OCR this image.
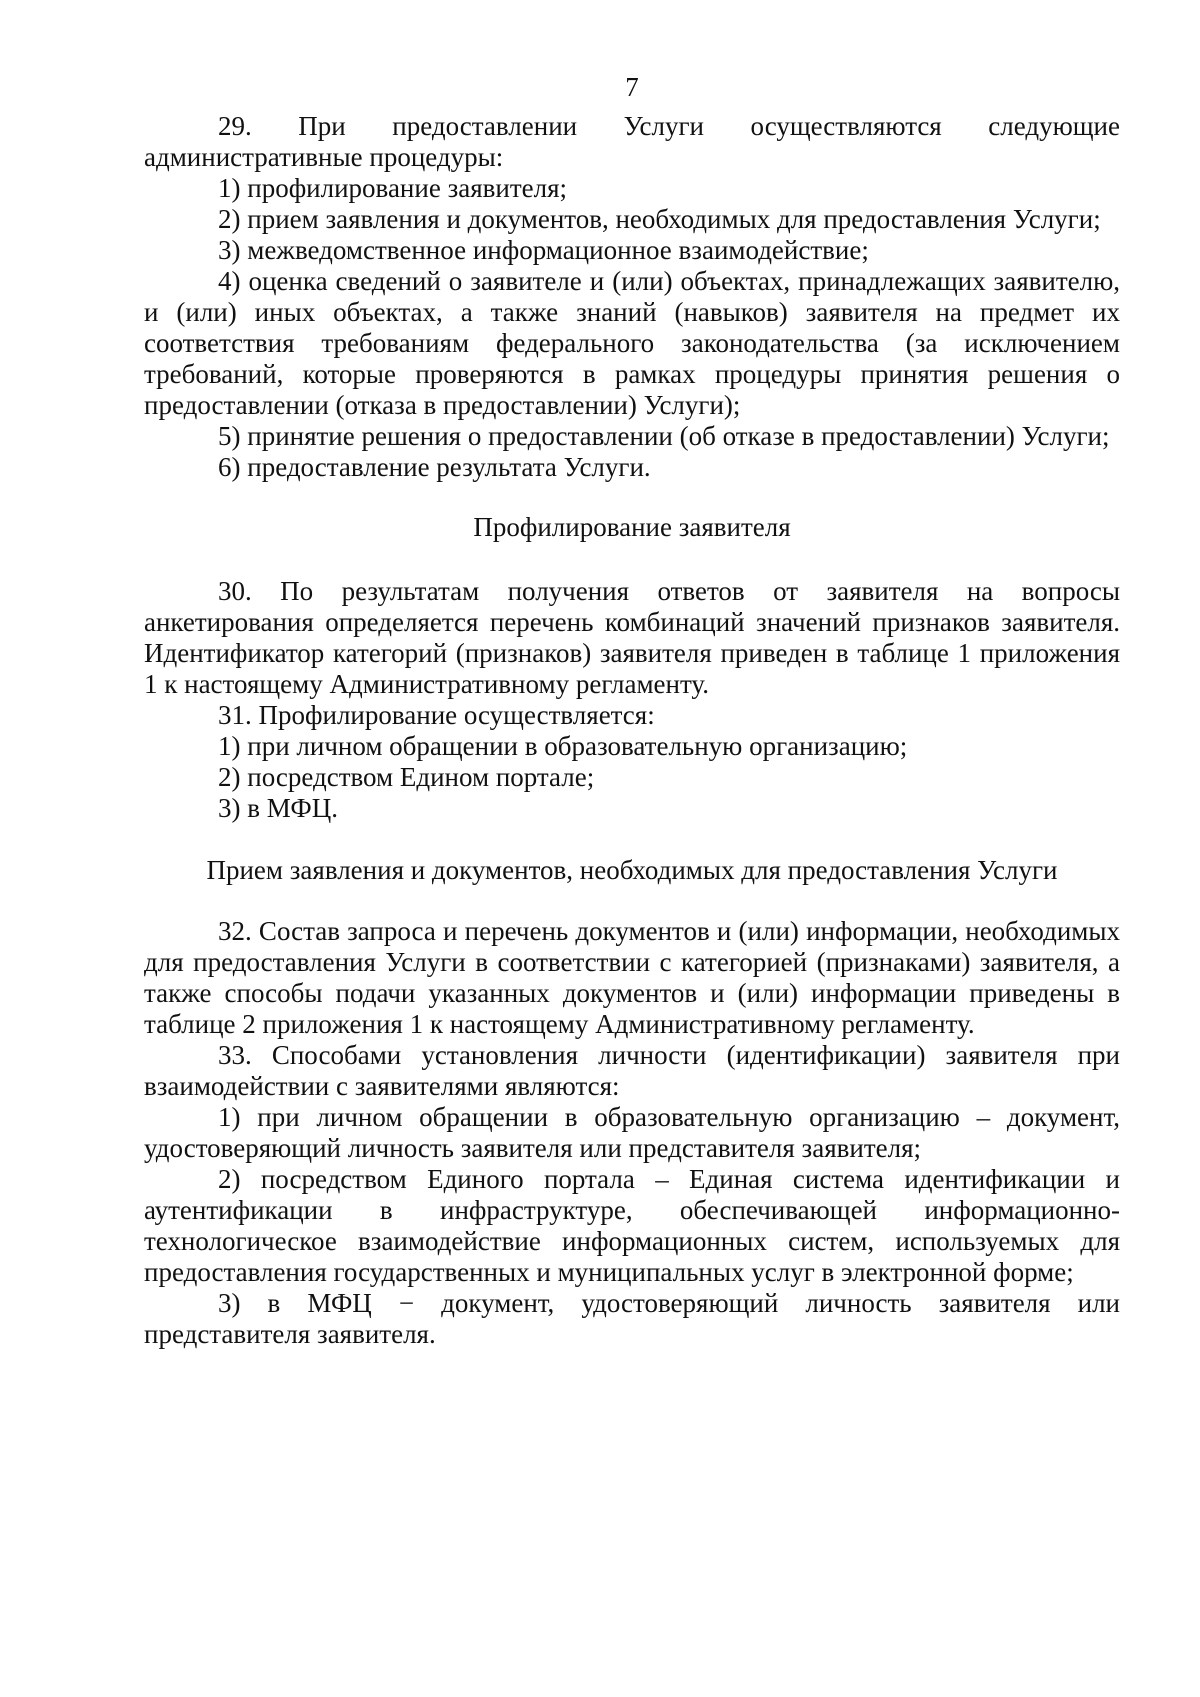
7

29. При предоставлении Услуги осуществляются следующие административные процедуры:

1) профилирование заявителя;

2) прием заявления и документов, необходимых для предоставления Услуги;

3) межведомственное информационное взаимодействие;

4) оценка сведений о заявителе и (или) объектах, принадлежащих заявителю, и (или) иных объектах, а также знаний (навыков) заявителя на предмет их соответствия требованиям федерального законодательства (за исключением требований, которые проверяются в рамках процедуры принятия решения о предоставлении (отказа в предоставлении) Услуги);

5) принятие решения о предоставлении (об отказе в предоставлении) Услуги;

6) предоставление результата Услуги.

Профилирование заявителя

30. По результатам получения ответов от заявителя на вопросы анкетирования определяется перечень комбинаций значений признаков заявителя. Идентификатор категорий (признаков) заявителя приведен в таблице 1 приложения 1 к настоящему Административному регламенту.

31. Профилирование осуществляется:

1) при личном обращении в образовательную организацию;

2) посредством Едином портале;

3) в МФЦ.

Прием заявления и документов, необходимых для предоставления Услуги

32. Состав запроса и перечень документов и (или) информации, необходимых для предоставления Услуги в соответствии с категорией (признаками) заявителя, а также способы подачи указанных документов и (или) информации приведены в таблице 2 приложения 1 к настоящему Административному регламенту.

33. Способами установления личности (идентификации) заявителя при взаимодействии с заявителями являются:

1) при личном обращении в образовательную организацию – документ, удостоверяющий личность заявителя или представителя заявителя;

2) посредством Единого портала – Единая система идентификации и аутентификации в инфраструктуре, обеспечивающей информационно-технологическое взаимодействие информационных систем, используемых для предоставления государственных и муниципальных услуг в электронной форме;

3) в МФЦ − документ, удостоверяющий личность заявителя или представителя заявителя.
